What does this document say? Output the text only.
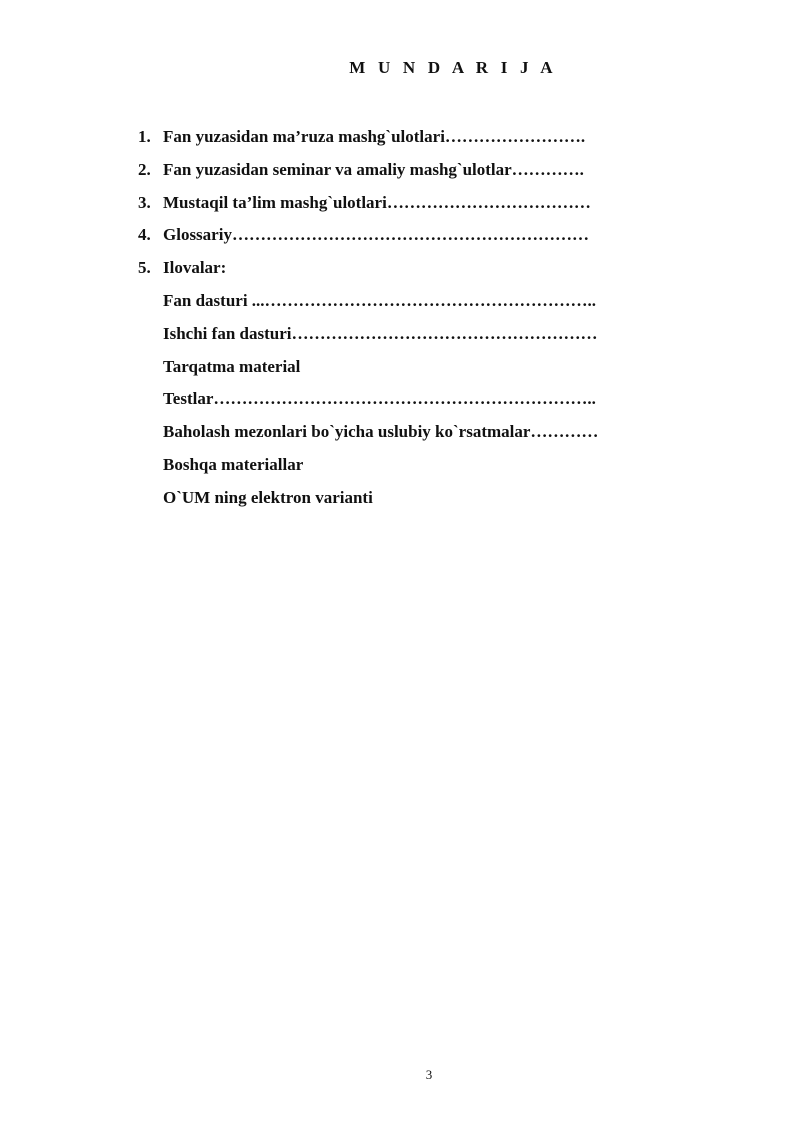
M U N D A R I J A
1. Fan yuzasidan ma’ruza mashg`ulotlari…………………….
2. Fan yuzasidan seminar va amaliy mashg`ulotlar………….
3. Mustaqil ta’lim mashg`ulotlari………………………………
4. Glossariy………………………………………………………
5. Ilovalar:
Fan dasturi ...…………………………………………………..
Ishchi fan dasturi………………………………………………
Tarqatma material
Testlar…………………………………………………………..
Baholash mezonlari bo`yicha uslubiy ko`rsatmalar…………
Boshqa materiallar
O`UM ning elektron varianti
3
